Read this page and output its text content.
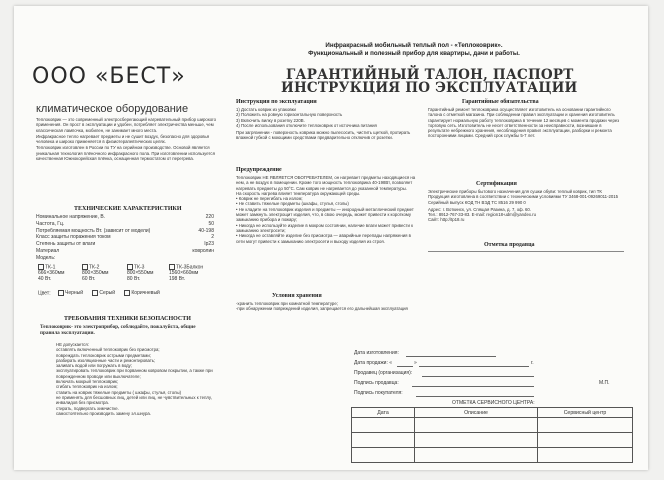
Инфракрасный мобильный теплый пол - «Теплоковрик».
Функциональный и полезный прибор для квартиры, дачи и работы.
ООО «БЕСТ»
климатическое оборудование
ГАРАНТИЙНЫЙ ТАЛОН, ПАСПОРТ
ИНСТРУКЦИЯ ПО ЭКСПЛУАТАЦИИ

Теплоковрик — это современный электросберегающий нагревательный прибор широкого применения. Он прост в эксплуатации и удобен, потребляет электричества меньше, чем классическая лампочка, мобилен, не занимает много места.

Инфракрасное тепло нагревает предметы и не сушит воздух, безопасно для здоровья человека и широко применяется в физиотерапевтических целях.

Теплоковрик изготовлен в России по ТУ на серийном производстве. Основой является уникальная технология плёночного инфракрасного пола. При изготовлении используется качественная Южнокорейская плёнка, оснащенная термостатом от перегрева.

ТЕХНИЧЕСКИЕ ХАРАКТЕРИСТИКИ
Номинальное напряжение, В.	220
Частота, Гц.	50
Потребляемая мощность Вт. (зависит от модели)	40-198
Класс защиты поражения током	2
Степень защиты от влаги	Ip23
Материал	ковролин
Модель:
ТК-1
666×360мм
40 Вт.
ТК-2
800×350мм
60 Вт.
ТК-3
800×550мм
80 Вт.
ТК-3Бaлкон
1560×660мм
198 Вт.
Цвет:	Черный	Серый	Коричневый
ТРЕБОВАНИЯ ТЕХНИКИ БЕЗОПАСНОСТИ
Теплоковрик- это электроприбор, соблюдайте, пожалуйста, общие правила эксплуатации.
НЕ допускается:
оставлять включенный теплоковрик без присмотра;
повреждать теплоковрик острыми предметами;
разбирать изоляционные части и ремонтировать;
заливать водой или погружать в воду;
эксплуатировать теплоковрик при порванном ковровом покрытии, а также при поврежденном проводе или выключателе;
включать мокрый теплоковрик;
сгибать теплоковрик на излом;
ставить на коврик тяжелые предметы ( шкафы, стулья, столы)
не применять для бесшовных лиц, детей или лиц, не чувствительных к теплу, инвалидов без присмотра.
стирать, подвергать химчистке.
самостоятельно производить замену эл.шнура.
Инструкция по эксплуатации
1) Достать коврик из упаковки
2) Положить на ровную горизонтальную поверхность
3) Включить вилку в розетку 220В.
4) После использования отключите теплоковрик от источника питания
При загрязнении - поверхность коврика можно пылесосить, чистить щеткой, протирать влажной губкой с моющими средствами предварительно отключив от розетки.
Предупреждение
Теплоковрик НЕ ЯВЛЯЕТСЯ ОБОГРЕВАТЕЛЕМ, он нагревает предметы находящиеся на нем, а не воздух в помещении. Кроме того мощность теплоковрика 40-198Вт, позволяет нагревать предметы до 50°С. Сам коврик не нагревается до указанной температуры.
На скорость нагрева влияет температура окружающей среды.
• Коврик не перегибать на излом;
• Не ставить тяжелые предметы (шкафы, стулья, столы)
• Не кладите на теплоковрик изделия и предметы — инородный металлический предмет может замкнуть электрощит изделия, что, в свою очередь, может привести к короткому замыканию прибора и пожару;
• Никогда не используйте изделие в мокром состоянии, наличие влаги может привести к замыканию электросети;
• Никогда не оставляйте изделие без присмотра — аварийные перепады напряжения в сети могут привести к замыканию электросети и выходу изделия из строя.
Условия хранения
-хранить теплоковрик при комнатной температуре;
-при обнаружении повреждений изделия, запрещается его дальнейшая эксплуатация
Гарантийные обязательства
Гарантийный ремонт теплоковрика осуществляет изготовитель на основании гарантийного талона с отметкой магазина. При соблюдении правил эксплуатации и хранения изготовитель гарантирует нормальную работу теплоковрика в течение 12 месяцев с момента продажи через торговую сеть. Изготовитель не несет ответственности за неисправности, возникшие в результате небрежного хранения, несоблюдения правил эксплуатации, разборки и ремонта посторонними лицами. Средний срок службы 5-7 лет.
Сертификация
Электрические приборы бытового назначения для сушки обуви: теплый коврик, тип ТК Продукция изготовлена в соответствии с техническими условиями ТУ 3468-001-09269011-2015
Серийный выпуск КОД ТН ВЭД ТС 8516 29 990 0
Адрес: г. Воткинск, ул. Спящая Разина, д. 7, оф. 60.
Тел.: 8912-767-33-83. E-mail: region18-udm@yandex.ru
Сайт: http://tp18.ru
Отметка продавца
Дата изготовления:
Дата продажи: «	»	г.
Продавец (организация):
Подпись продавца:	М.П.
Подпись покупателя:
ОТМЕТКА СЕРВИСНОГО ЦЕНТРА:
Дата	Описание	Сервисный центр
